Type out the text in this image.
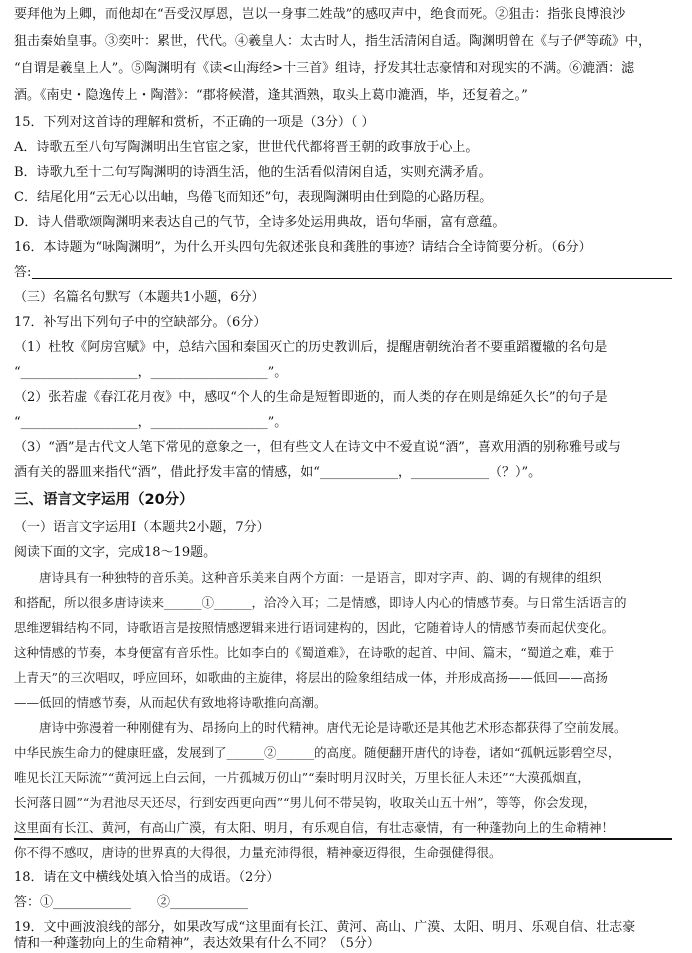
要拜他为上卿，而他却在“吾受汉厚恩，岂以一身事二姓哉”的感叹声中，绝食而死。②狙击：指张良博浪沙
狙击秦始皇事。③奕叶：累世，代代。④羲皇人：太古时人，指生活清闲自适。陶渊明曾在《与子俨等疏》中，
“自谓是羲皇上人”。⑤陶渊明有《读<山海经>十三首》组诗，抒发其壮志豪情和对现实的不满。⑥漉酒：滤
酒。《南史・隐逸传上・陶潜》：“郡将候潜，逢其酒熟，取头上葛巾漉酒，毕，还复着之。”
15．下列对这首诗的理解和赏析，不正确的一项是（3分）（ ）
A．诗歌五至八句写陶渊明出生官宦之家，世世代代都将晋王朝的政事放于心上。
B．诗歌九至十二句写陶渊明的诗酒生活，他的生活看似清闲自适，实则充满矛盾。
C．结尾化用“云无心以出岫，鸟倦飞而知还”句，表现陶渊明由仕到隐的心路历程。
D．诗人借歌颂陶渊明来表达自己的气节，全诗多处运用典故，语句华丽，富有意蕴。
16．本诗题为“咏陶渊明”，为什么开头四句先叙述张良和龚胜的事迹？请结合全诗简要分析。（6分）
答:
（三）名篇名句默写（本题共1小题，6分）
17．补写出下列句子中的空缺部分。（6分）
（1）杜牧《阿房宫赋》中，总结六国和秦国灭亡的历史教训后，提醒唐朝统治者不要重蹈覆辙的名句是
“__________________，__________________”。
（2）张若虚《春江花月夜》中，感叹“个人的生命是短暂即逝的，而人类的存在则是绵延久长”的句子是
“__________________，__________________”。
（3）“酒”是古代文人笔下常见的意象之一，但有些文人在诗文中不爱直说“酒”，喜欢用酒的别称雅号或与
酒有关的器皿来指代“酒”，借此抒发丰富的情感，如“____________，____________（？）”。
三、语言文字运用（20分）
（一）语言文字运用Ⅰ（本题共2小题，7分）
阅读下面的文字，完成18～19题。
　　唐诗具有一种独特的音乐美。这种音乐美来自两个方面：一是语言，即对字声、韵、调的有规律的组织
和搭配，所以很多唐诗读来______①______，洽冷入耳；二是情感，即诗人内心的情感节奏。与日常生活语言的
思维逻辑结构不同，诗歌语言是按照情感逻辑来进行语词建构的，因此，它随着诗人的情感节奏而起伏变化。
这种情感的节奏，本身便富有音乐性。比如李白的《蜀道难》，在诗歌的起首、中间、篇末，“蜀道之难，难于
上青天”的三次唱叹，呼应回环，如歌曲的主旋律，将层出的险象组结成一体，并形成高扬——低回——高扬
——低回的情感节奏，从而起伏有致地将诗歌推向高潮。
　　唐诗中弥漫着一种刚健有为、昂扬向上的时代精神。唐代无论是诗歌还是其他艺术形态都获得了空前发展。
中华民族生命力的健康旺盛，发展到了______②______的高度。随便翻开唐代的诗卷，诸如“孤帆远影碧空尽，
唯见长江天际流”“黄河远上白云间，一片孤城万仞山”“秦时明月汉时关，万里长征人未还”“大漠孤烟直，
长河落日圆”“为君池尽天还尽，行到安西更向西”“男儿何不带吴钩，收取关山五十州”，等等，你会发现，
这里面有长江、黄河，有高山广漠，有太阳、明月，有乐观自信，有壮志豪情，有一种蓬勃向上的生命精神！
你不得不感叹，唐诗的世界真的大得很，力量充沛得很，精神豪迈得很，生命强健得很。
18．请在文中横线处填入恰当的成语。（2分）
答：①____________　　②____________
19．文中画波浪线的部分，如果改写成“这里面有长江、黄河、高山、广漠、太阳、明月、乐观自信、壮志豪
情和一种蓬勃向上的生命精神”，表达效果有什么不同？（5分）
